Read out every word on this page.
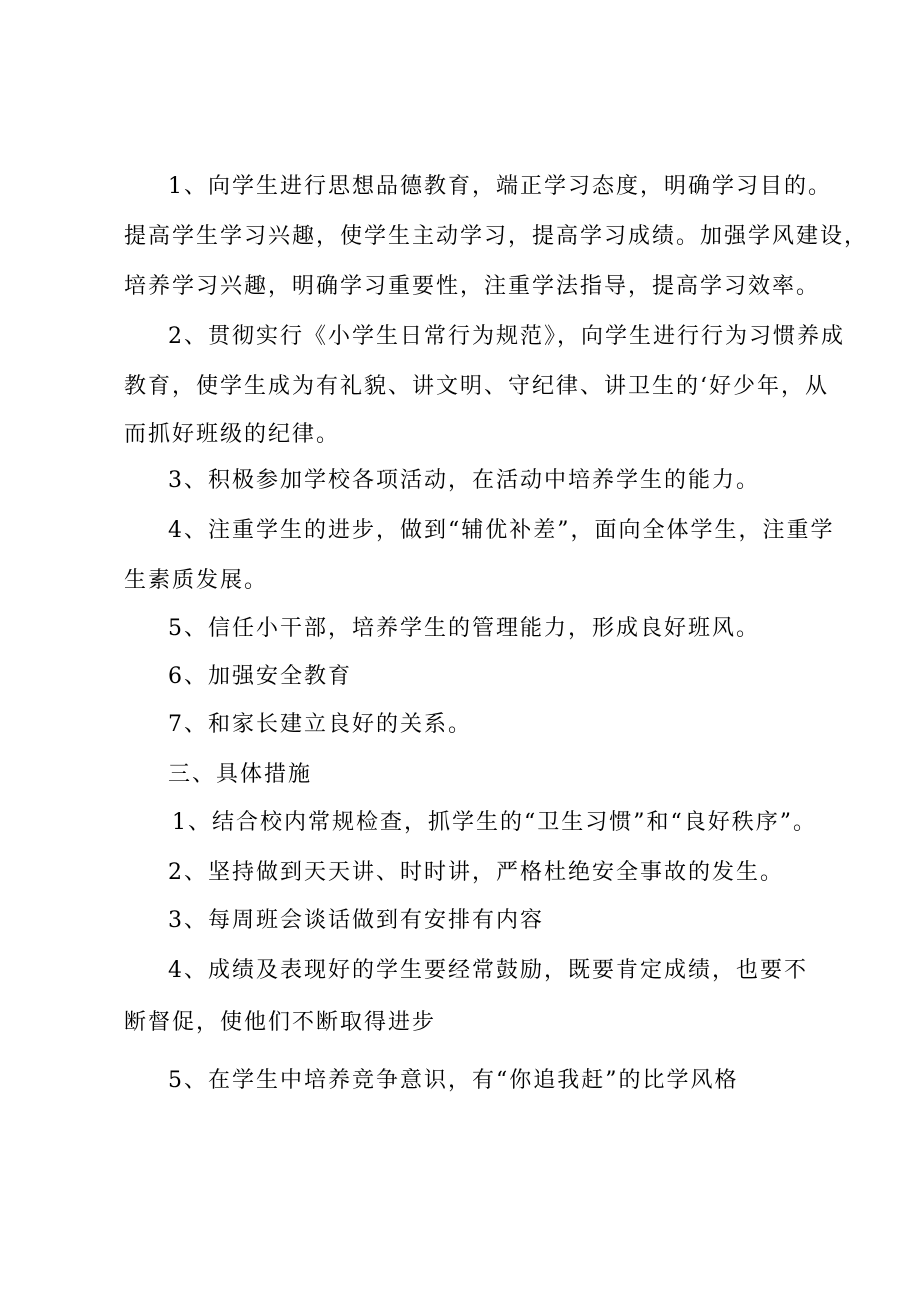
1、向学生进行思想品德教育，端正学习态度，明确学习目的。
提高学生学习兴趣，使学生主动学习，提高学习成绩。加强学风建设，
培养学习兴趣，明确学习重要性，注重学法指导，提高学习效率。
2、贯彻实行《小学生日常行为规范》，向学生进行行为习惯养成
教育，使学生成为有礼貌、讲文明、守纪律、讲卫生的‘好少年，从
而抓好班级的纪律。
3、积极参加学校各项活动，在活动中培养学生的能力。
4、注重学生的进步，做到“辅优补差”，面向全体学生，注重学
生素质发展。
5、信任小干部，培养学生的管理能力，形成良好班风。
6、加强安全教育
7、和家长建立良好的关系。
三、具体措施
1、结合校内常规检查，抓学生的“卫生习惯”和“良好秩序”。
2、坚持做到天天讲、时时讲，严格杜绝安全事故的发生。
3、每周班会谈话做到有安排有内容
4、成绩及表现好的学生要经常鼓励，既要肯定成绩，也要不
断督促，使他们不断取得进步
5、在学生中培养竞争意识，有“你追我赶”的比学风格
